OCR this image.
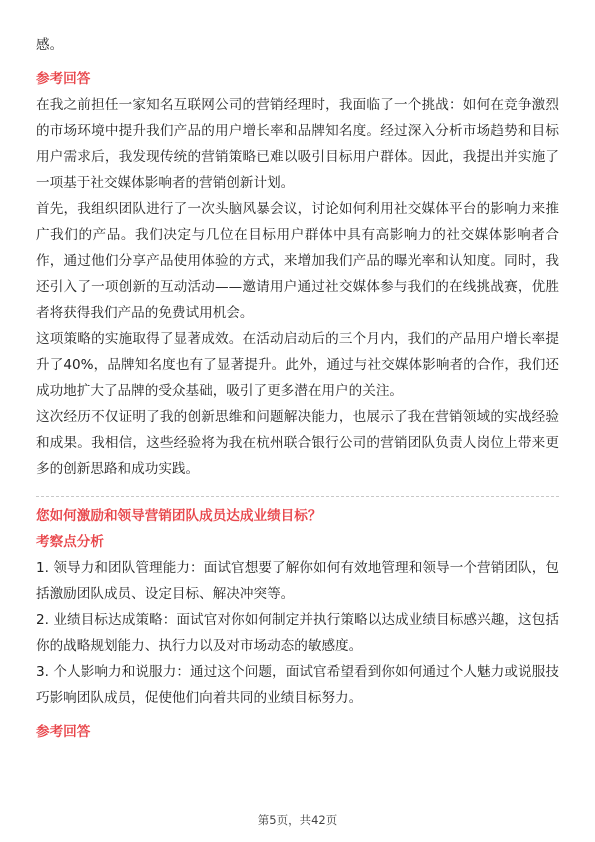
感。

参考回答

在我之前担任一家知名互联网公司的营销经理时，我面临了一个挑战：如何在竞争激烈的市场环境中提升我们产品的用户增长率和品牌知名度。经过深入分析市场趋势和目标用户需求后，我发现传统的营销策略已难以吸引目标用户群体。因此，我提出并实施了一项基于社交媒体影响者的营销创新计划。

首先，我组织团队进行了一次头脑风暴会议，讨论如何利用社交媒体平台的影响力来推广我们的产品。我们决定与几位在目标用户群体中具有高影响力的社交媒体影响者合作，通过他们分享产品使用体验的方式，来增加我们产品的曝光率和认知度。同时，我还引入了一项创新的互动活动——邀请用户通过社交媒体参与我们的在线挑战赛，优胜者将获得我们产品的免费试用机会。

这项策略的实施取得了显著成效。在活动启动后的三个月内，我们的产品用户增长率提升了40%，品牌知名度也有了显著提升。此外，通过与社交媒体影响者的合作，我们还成功地扩大了品牌的受众基础，吸引了更多潜在用户的关注。

这次经历不仅证明了我的创新思维和问题解决能力，也展示了我在营销领域的实战经验和成果。我相信，这些经验将为我在杭州联合银行公司的营销团队负责人岗位上带来更多的创新思路和成功实践。

您如何激励和领导营销团队成员达成业绩目标？

考察点分析

1. 领导力和团队管理能力：面试官想要了解你如何有效地管理和领导一个营销团队，包括激励团队成员、设定目标、解决冲突等。

2. 业绩目标达成策略：面试官对你如何制定并执行策略以达成业绩目标感兴趣，这包括你的战略规划能力、执行力以及对市场动态的敏感度。

3. 个人影响力和说服力：通过这个问题，面试官希望看到你如何通过个人魅力或说服技巧影响团队成员，促使他们向着共同的业绩目标努力。

参考回答

第5页，共42页
